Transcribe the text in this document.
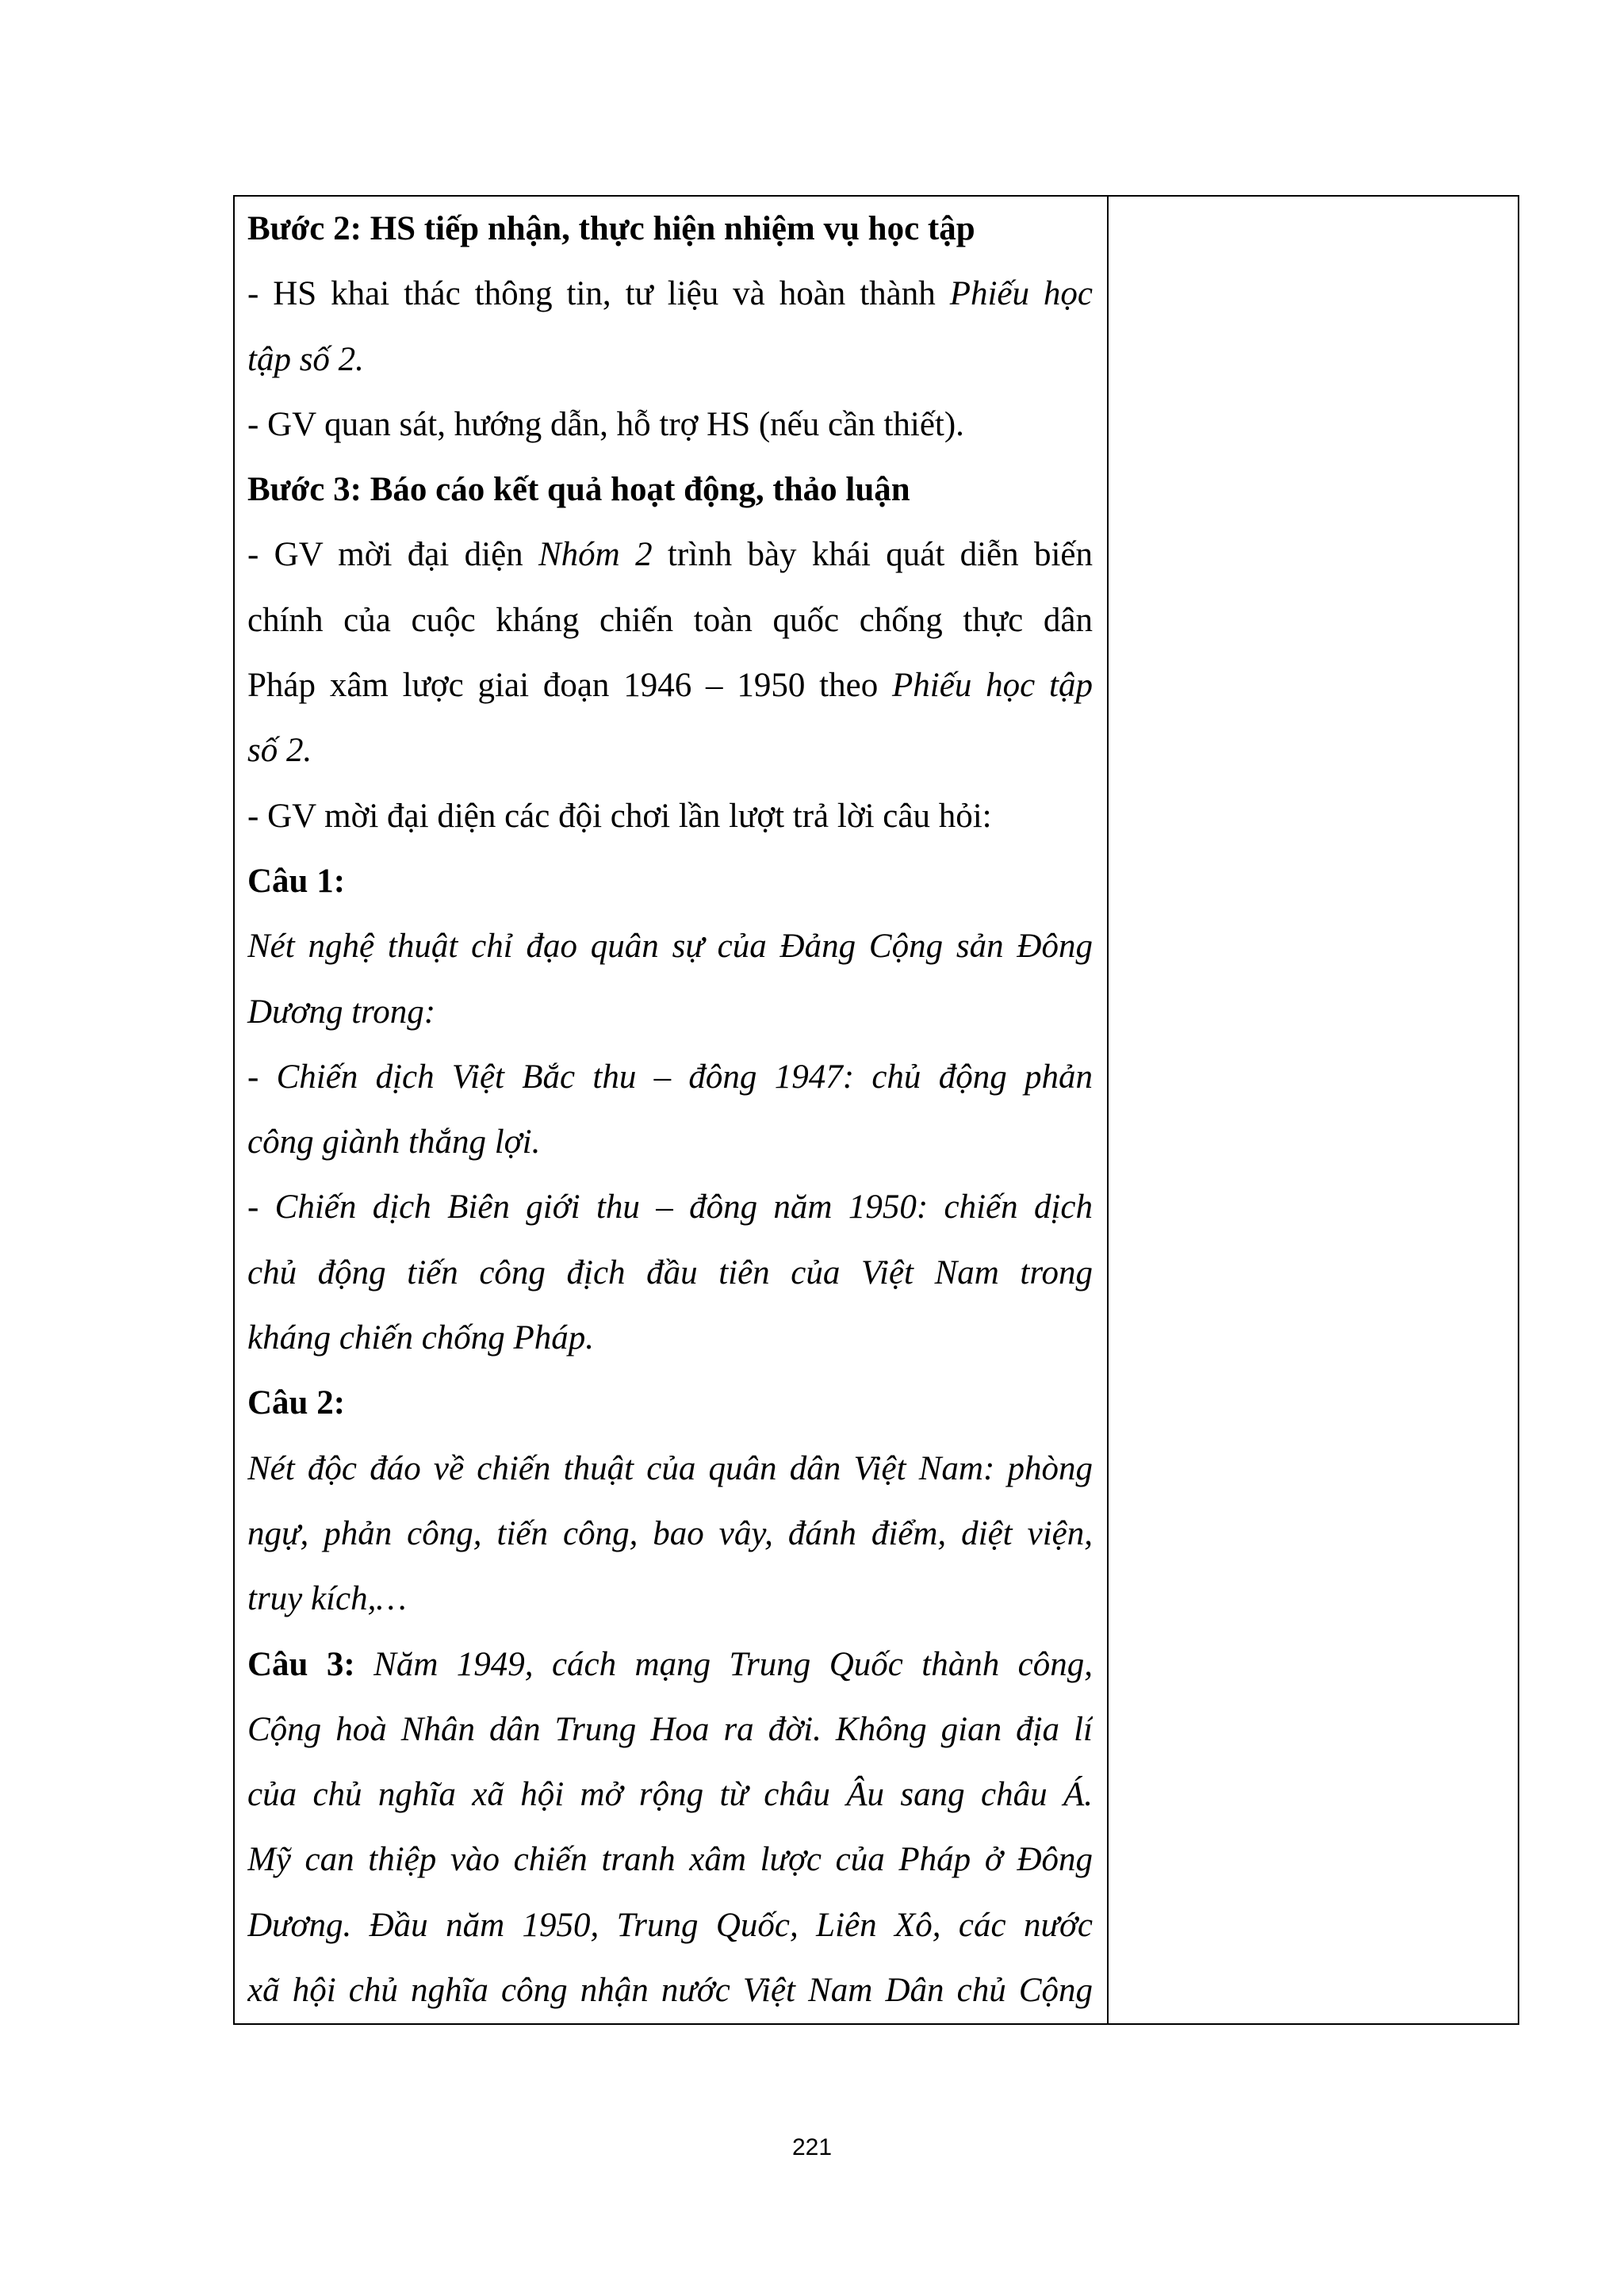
Bước 2: HS tiếp nhận, thực hiện nhiệm vụ học tập
- HS khai thác thông tin, tư liệu và hoàn thành Phiếu học
tập số 2.
- GV quan sát, hướng dẫn, hỗ trợ HS (nếu cần thiết).
Bước 3: Báo cáo kết quả hoạt động, thảo luận
- GV mời đại diện Nhóm 2 trình bày khái quát diễn biến
chính của cuộc kháng chiến toàn quốc chống thực dân
Pháp xâm lược giai đoạn 1946 – 1950 theo Phiếu học tập
số 2.
- GV mời đại diện các đội chơi lần lượt trả lời câu hỏi:
Câu 1:
Nét nghệ thuật chỉ đạo quân sự của Đảng Cộng sản Đông
Dương trong:
- Chiến dịch Việt Bắc thu – đông 1947: chủ động phản
công giành thắng lợi.
- Chiến dịch Biên giới thu – đông năm 1950: chiến dịch
chủ động tiến công địch đầu tiên của Việt Nam trong
kháng chiến chống Pháp.
Câu 2:
Nét độc đáo về chiến thuật của quân dân Việt Nam: phòng
ngự, phản công, tiến công, bao vây, đánh điểm, diệt viện,
truy kích,…
Câu 3: Năm 1949, cách mạng Trung Quốc thành công,
Cộng hoà Nhân dân Trung Hoa ra đời. Không gian địa lí
của chủ nghĩa xã hội mở rộng từ châu Âu sang châu Á.
Mỹ can thiệp vào chiến tranh xâm lược của Pháp ở Đông
Dương. Đầu năm 1950, Trung Quốc, Liên Xô, các nước
xã hội chủ nghĩa công nhận nước Việt Nam Dân chủ Cộng

221
